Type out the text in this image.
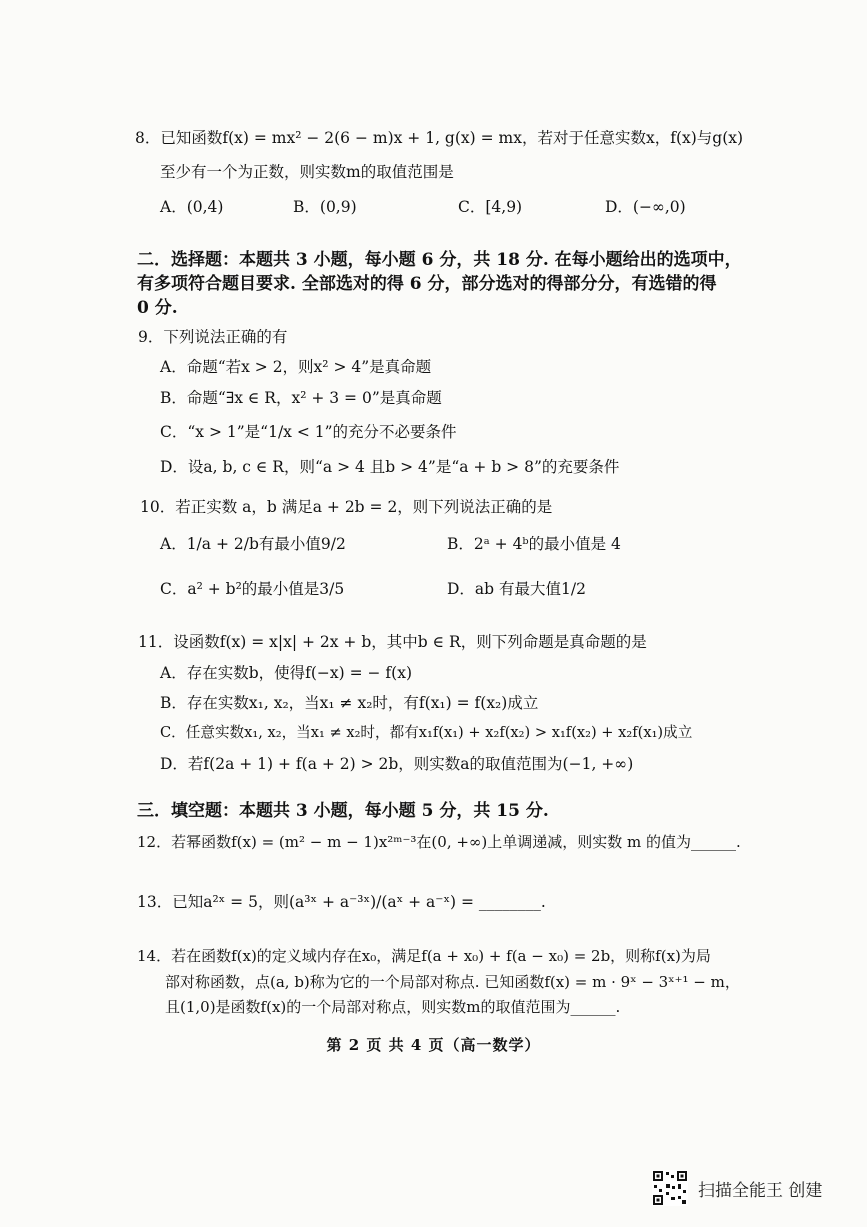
8．已知函数f(x) = mx² − 2(6 − m)x + 1, g(x) = mx，若对于任意实数x，f(x)与g(x)
至少有一个为正数，则实数m的取值范围是
A．(0,4)	B．(0,9)	C．[4,9)	D．(−∞,0)
二．选择题：本题共 3 小题，每小题 6 分，共 18 分. 在每小题给出的选项中，
有多项符合题目要求. 全部选对的得 6 分，部分选对的得部分分，有选错的得
0 分.
9．下列说法正确的有
A．命题“若x > 2，则x² > 4”是真命题
B．命题“∃x ∈ R，x² + 3 = 0”是真命题
C．“x > 1”是“1/x < 1”的充分不必要条件
D．设a, b, c ∈ R，则“a > 4 且b > 4”是“a + b > 8”的充要条件
10．若正实数 a，b 满足a + 2b = 2，则下列说法正确的是
A．1/a + 2/b有最小值9/2	B．2ᵃ + 4ᵇ的最小值是 4
C．a² + b²的最小值是3/5	D．ab 有最大值1/2
11．设函数f(x) = x|x| + 2x + b，其中b ∈ R，则下列命题是真命题的是
A．存在实数b，使得f(−x) = − f(x)
B．存在实数x₁, x₂，当x₁ ≠ x₂时，有f(x₁) = f(x₂)成立
C．任意实数x₁, x₂，当x₁ ≠ x₂时，都有x₁f(x₁) + x₂f(x₂) > x₁f(x₂) + x₂f(x₁)成立
D．若f(2a + 1) + f(a + 2) > 2b，则实数a的取值范围为(−1, +∞)
三．填空题：本题共 3 小题，每小题 5 分，共 15 分.
12．若幂函数f(x) = (m² − m − 1)x²ᵐ⁻³在(0, +∞)上单调递减，则实数 m 的值为______.
13．已知a²ˣ = 5，则(a³ˣ + a⁻³ˣ)/(aˣ + a⁻ˣ) = ________.
14．若在函数f(x)的定义域内存在x₀，满足f(a + x₀) + f(a − x₀) = 2b，则称f(x)为局
部对称函数，点(a, b)称为它的一个局部对称点. 已知函数f(x) = m · 9ˣ − 3ˣ⁺¹ − m，
且(1,0)是函数f(x)的一个局部对称点，则实数m的取值范围为______.
第 2 页 共 4 页（高一数学）
扫描全能王 创建
